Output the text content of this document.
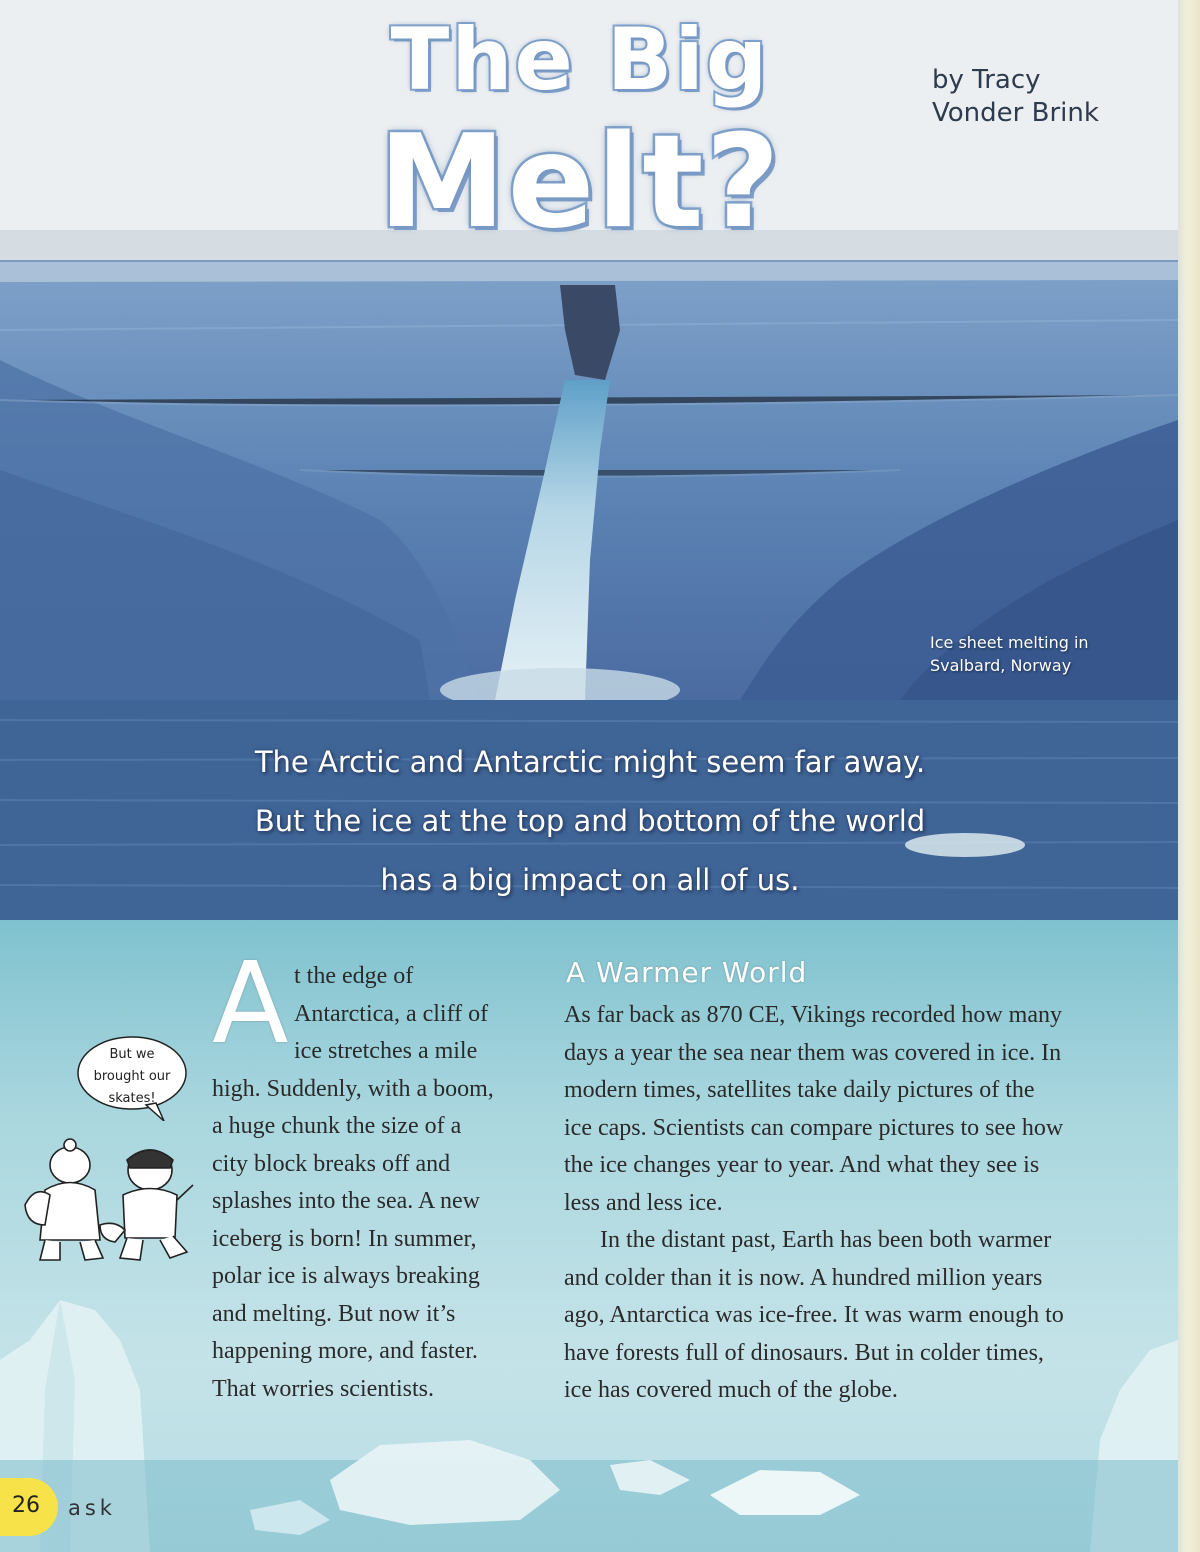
The Big
Melt?
by Tracy
Vonder Brink
Ice sheet melting in
Svalbard, Norway
The Arctic and Antarctic might seem far away.
But the ice at the top and bottom of the world
has a big impact on all of us.
But we
brought our
skates!
A t the edge of
Antarctica, a cliff of
ice stretches a mile
high. Suddenly, with a boom,
a huge chunk the size of a
city block breaks off and
splashes into the sea. A new
iceberg is born! In summer,
polar ice is always breaking
and melting. But now it’s
happening more, and faster.
That worries scientists.
A Warmer World
As far back as 870 CE, Vikings recorded how many
days a year the sea near them was covered in ice. In
modern times, satellites take daily pictures of the
ice caps. Scientists can compare pictures to see how
the ice changes year to year. And what they see is
less and less ice.
In the distant past, Earth has been both warmer
and colder than it is now. A hundred million years
ago, Antarctica was ice-free. It was warm enough to
have forests full of dinosaurs. But in colder times,
ice has covered much of the globe.
26 ask
